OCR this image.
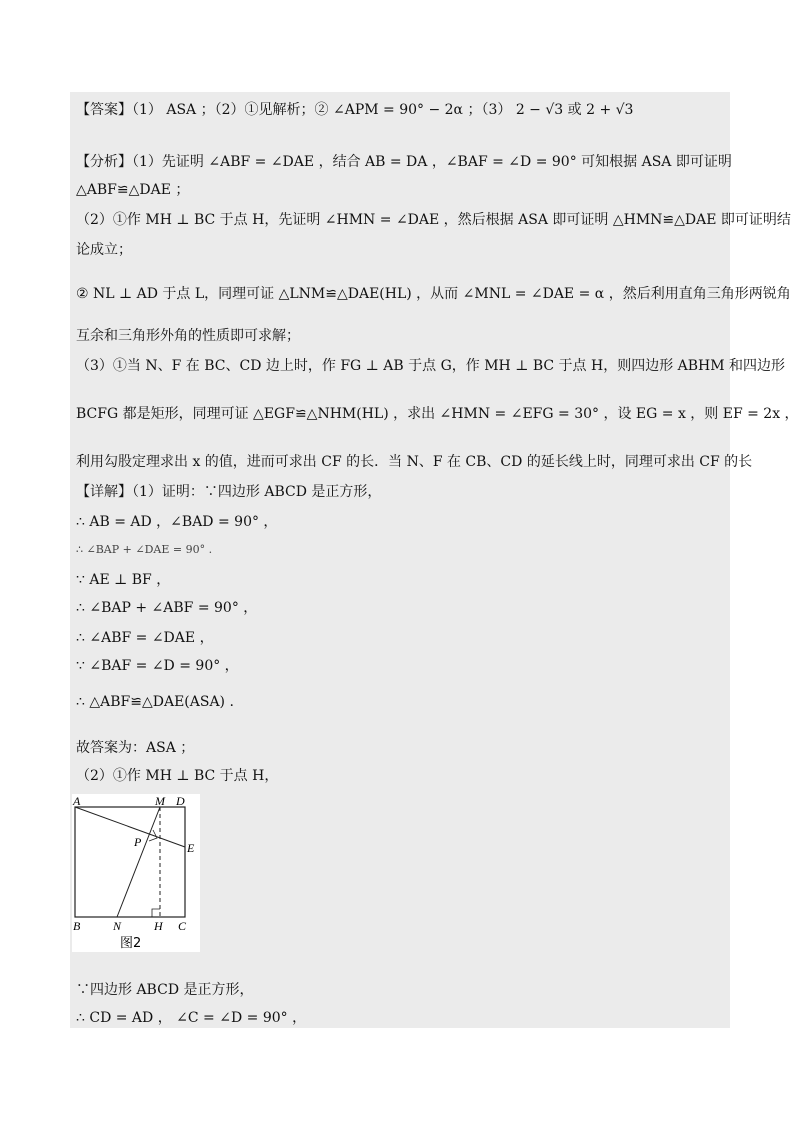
【答案】（1） ASA ；（2）①见解析；② ∠APM = 90° − 2α ；（3） 2 − √3 或 2 + √3
【分析】（1）先证明 ∠ABF = ∠DAE ，结合 AB = DA ，∠BAF = ∠D = 90° 可知根据 ASA 即可证明
△ABF≌△DAE ；
（2）①作 MH ⊥ BC 于点 H，先证明 ∠HMN = ∠DAE ，然后根据 ASA 即可证明 △HMN≌△DAE 即可证明结
论成立；
② NL ⊥ AD 于点 L，同理可证 △LNM≌△DAE(HL) ，从而 ∠MNL = ∠DAE = α ，然后利用直角三角形两锐角
互余和三角形外角的性质即可求解；
（3）①当 N、F 在 BC、CD 边上时，作 FG ⊥ AB 于点 G，作 MH ⊥ BC 于点 H，则四边形 ABHM 和四边形
BCFG 都是矩形，同理可证 △EGF≌△NHM(HL) ，求出 ∠HMN = ∠EFG = 30° ，设 EG = x ，则 EF = 2x ，
利用勾股定理求出 x 的值，进而可求出 CF 的长．当 N、F 在 CB、CD 的延长线上时，同理可求出 CF 的长
【详解】（1）证明：∵四边形 ABCD 是正方形，
∴ AB = AD ，∠BAD = 90° ，
∴ ∠BAP + ∠DAE = 90° .
∵ AE ⊥ BF ，
∴ ∠BAP + ∠ABF = 90° ，
∴ ∠ABF = ∠DAE ，
∵ ∠BAF = ∠D = 90° ，
∴ △ABF≌△DAE(ASA) .
故答案为：ASA ；
（2）①作 MH ⊥ BC 于点 H，
A	M D
P	E
B	N	H C
图2
∵四边形 ABCD 是正方形，
∴ CD = AD ， ∠C = ∠D = 90° ，
